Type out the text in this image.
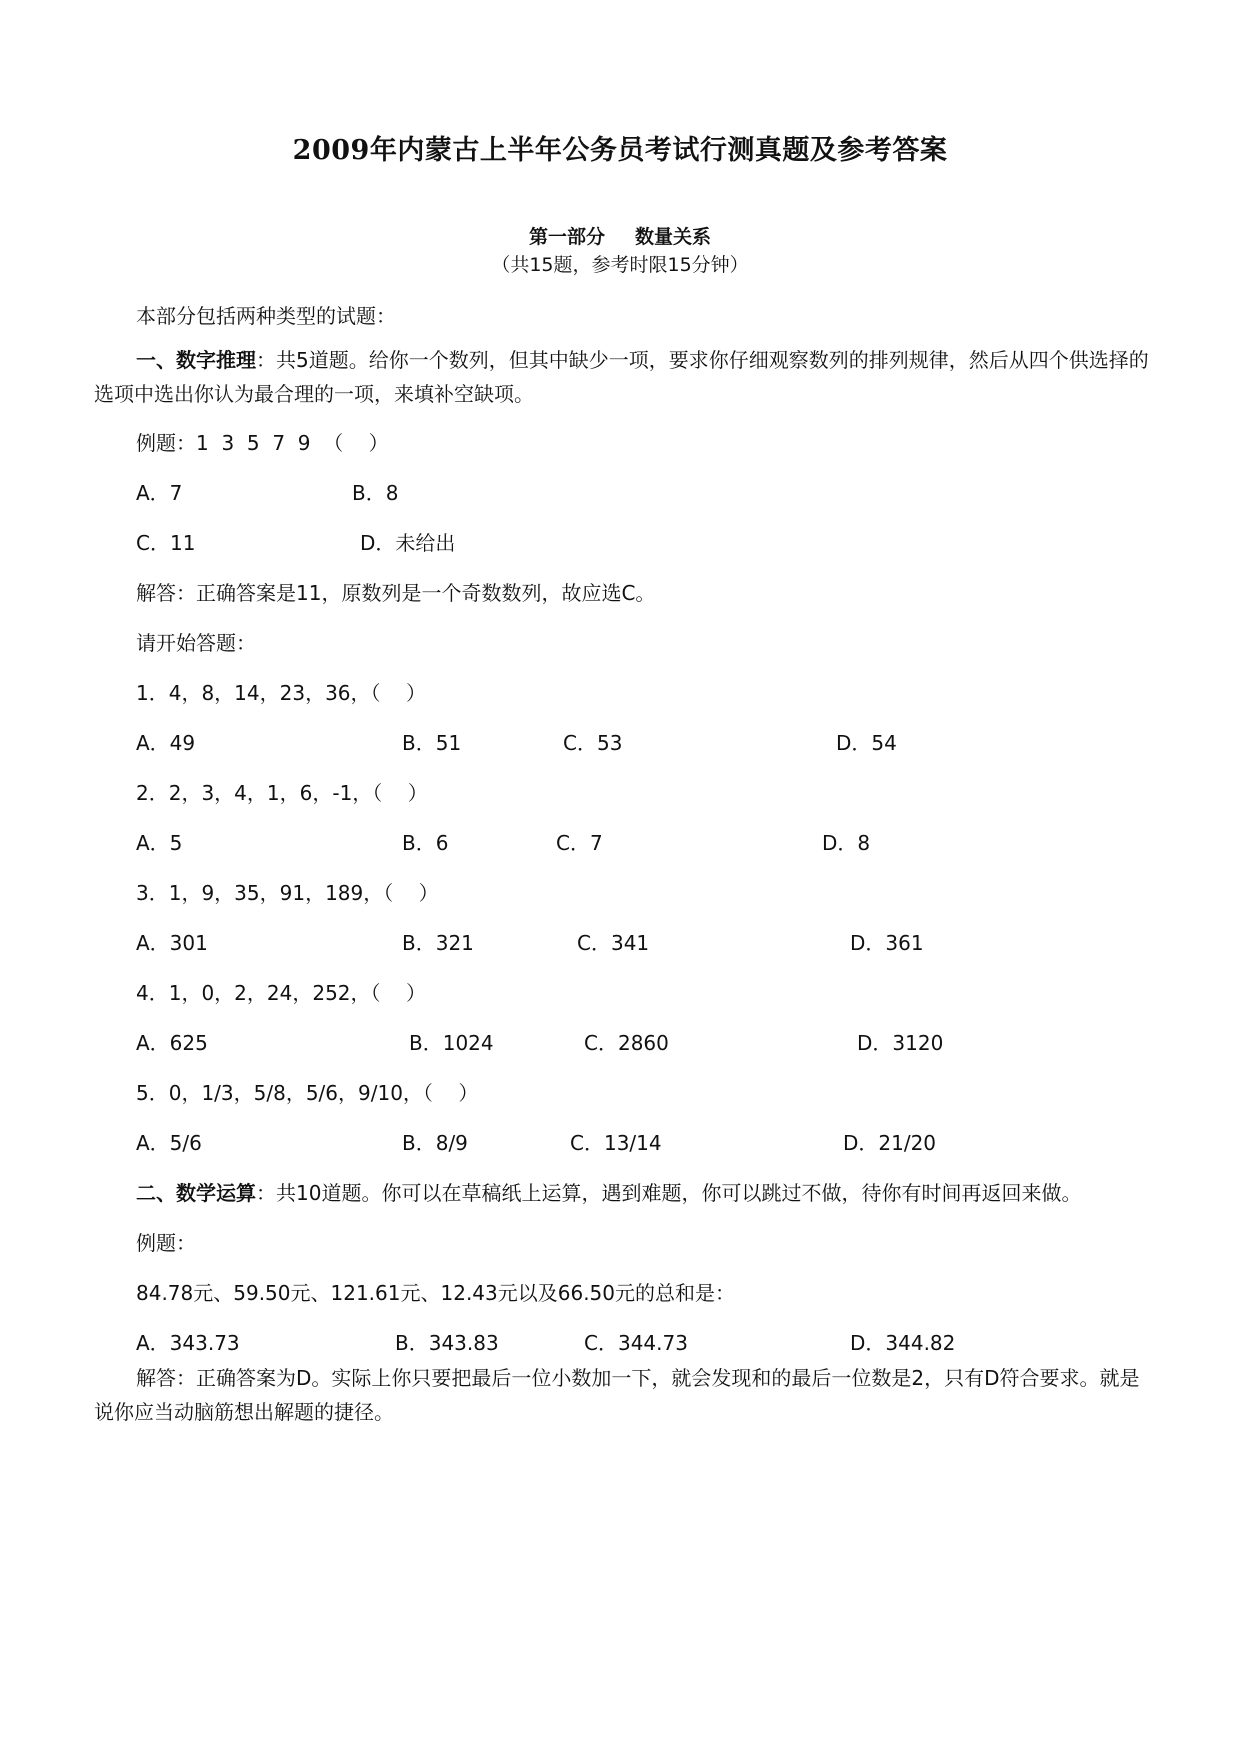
2009年内蒙古上半年公务员考试行测真题及参考答案
第一部分 数量关系
（共15题，参考时限15分钟）
本部分包括两种类型的试题：
一、数字推理：共5道题。给你一个数列，但其中缺少一项，要求你仔细观察数列的排列规律，然后从四个供选择的选项中选出你认为最合理的一项，来填补空缺项。
例题：1  3  5  7  9  （    ）
A．7	B．8
C．11	D．未给出
解答：正确答案是11，原数列是一个奇数数列，故应选C。
请开始答题：
1．4，8，14，23，36，（    ）
A．49	B．51	C．53	D．54
2．2，3，4，1，6，-1，（    ）
A．5	B．6	C．7	D．8
3．1，9，35，91，189，（    ）
A．301	B．321	C．341	D．361
4．1，0，2，24，252，（    ）
A．625	B．1024	C．2860	D．3120
5．0，1/3，5/8，5/6，9/10，（    ）
A．5/6	B．8/9	C．13/14	D．21/20
二、数学运算：共10道题。你可以在草稿纸上运算，遇到难题，你可以跳过不做，待你有时间再返回来做。
例题：
84.78元、59.50元、121.61元、12.43元以及66.50元的总和是：
A．343.73	B．343.83	C．344.73	D．344.82
解答：正确答案为D。实际上你只要把最后一位小数加一下，就会发现和的最后一位数是2，只有D符合要求。就是说你应当动脑筋想出解题的捷径。
